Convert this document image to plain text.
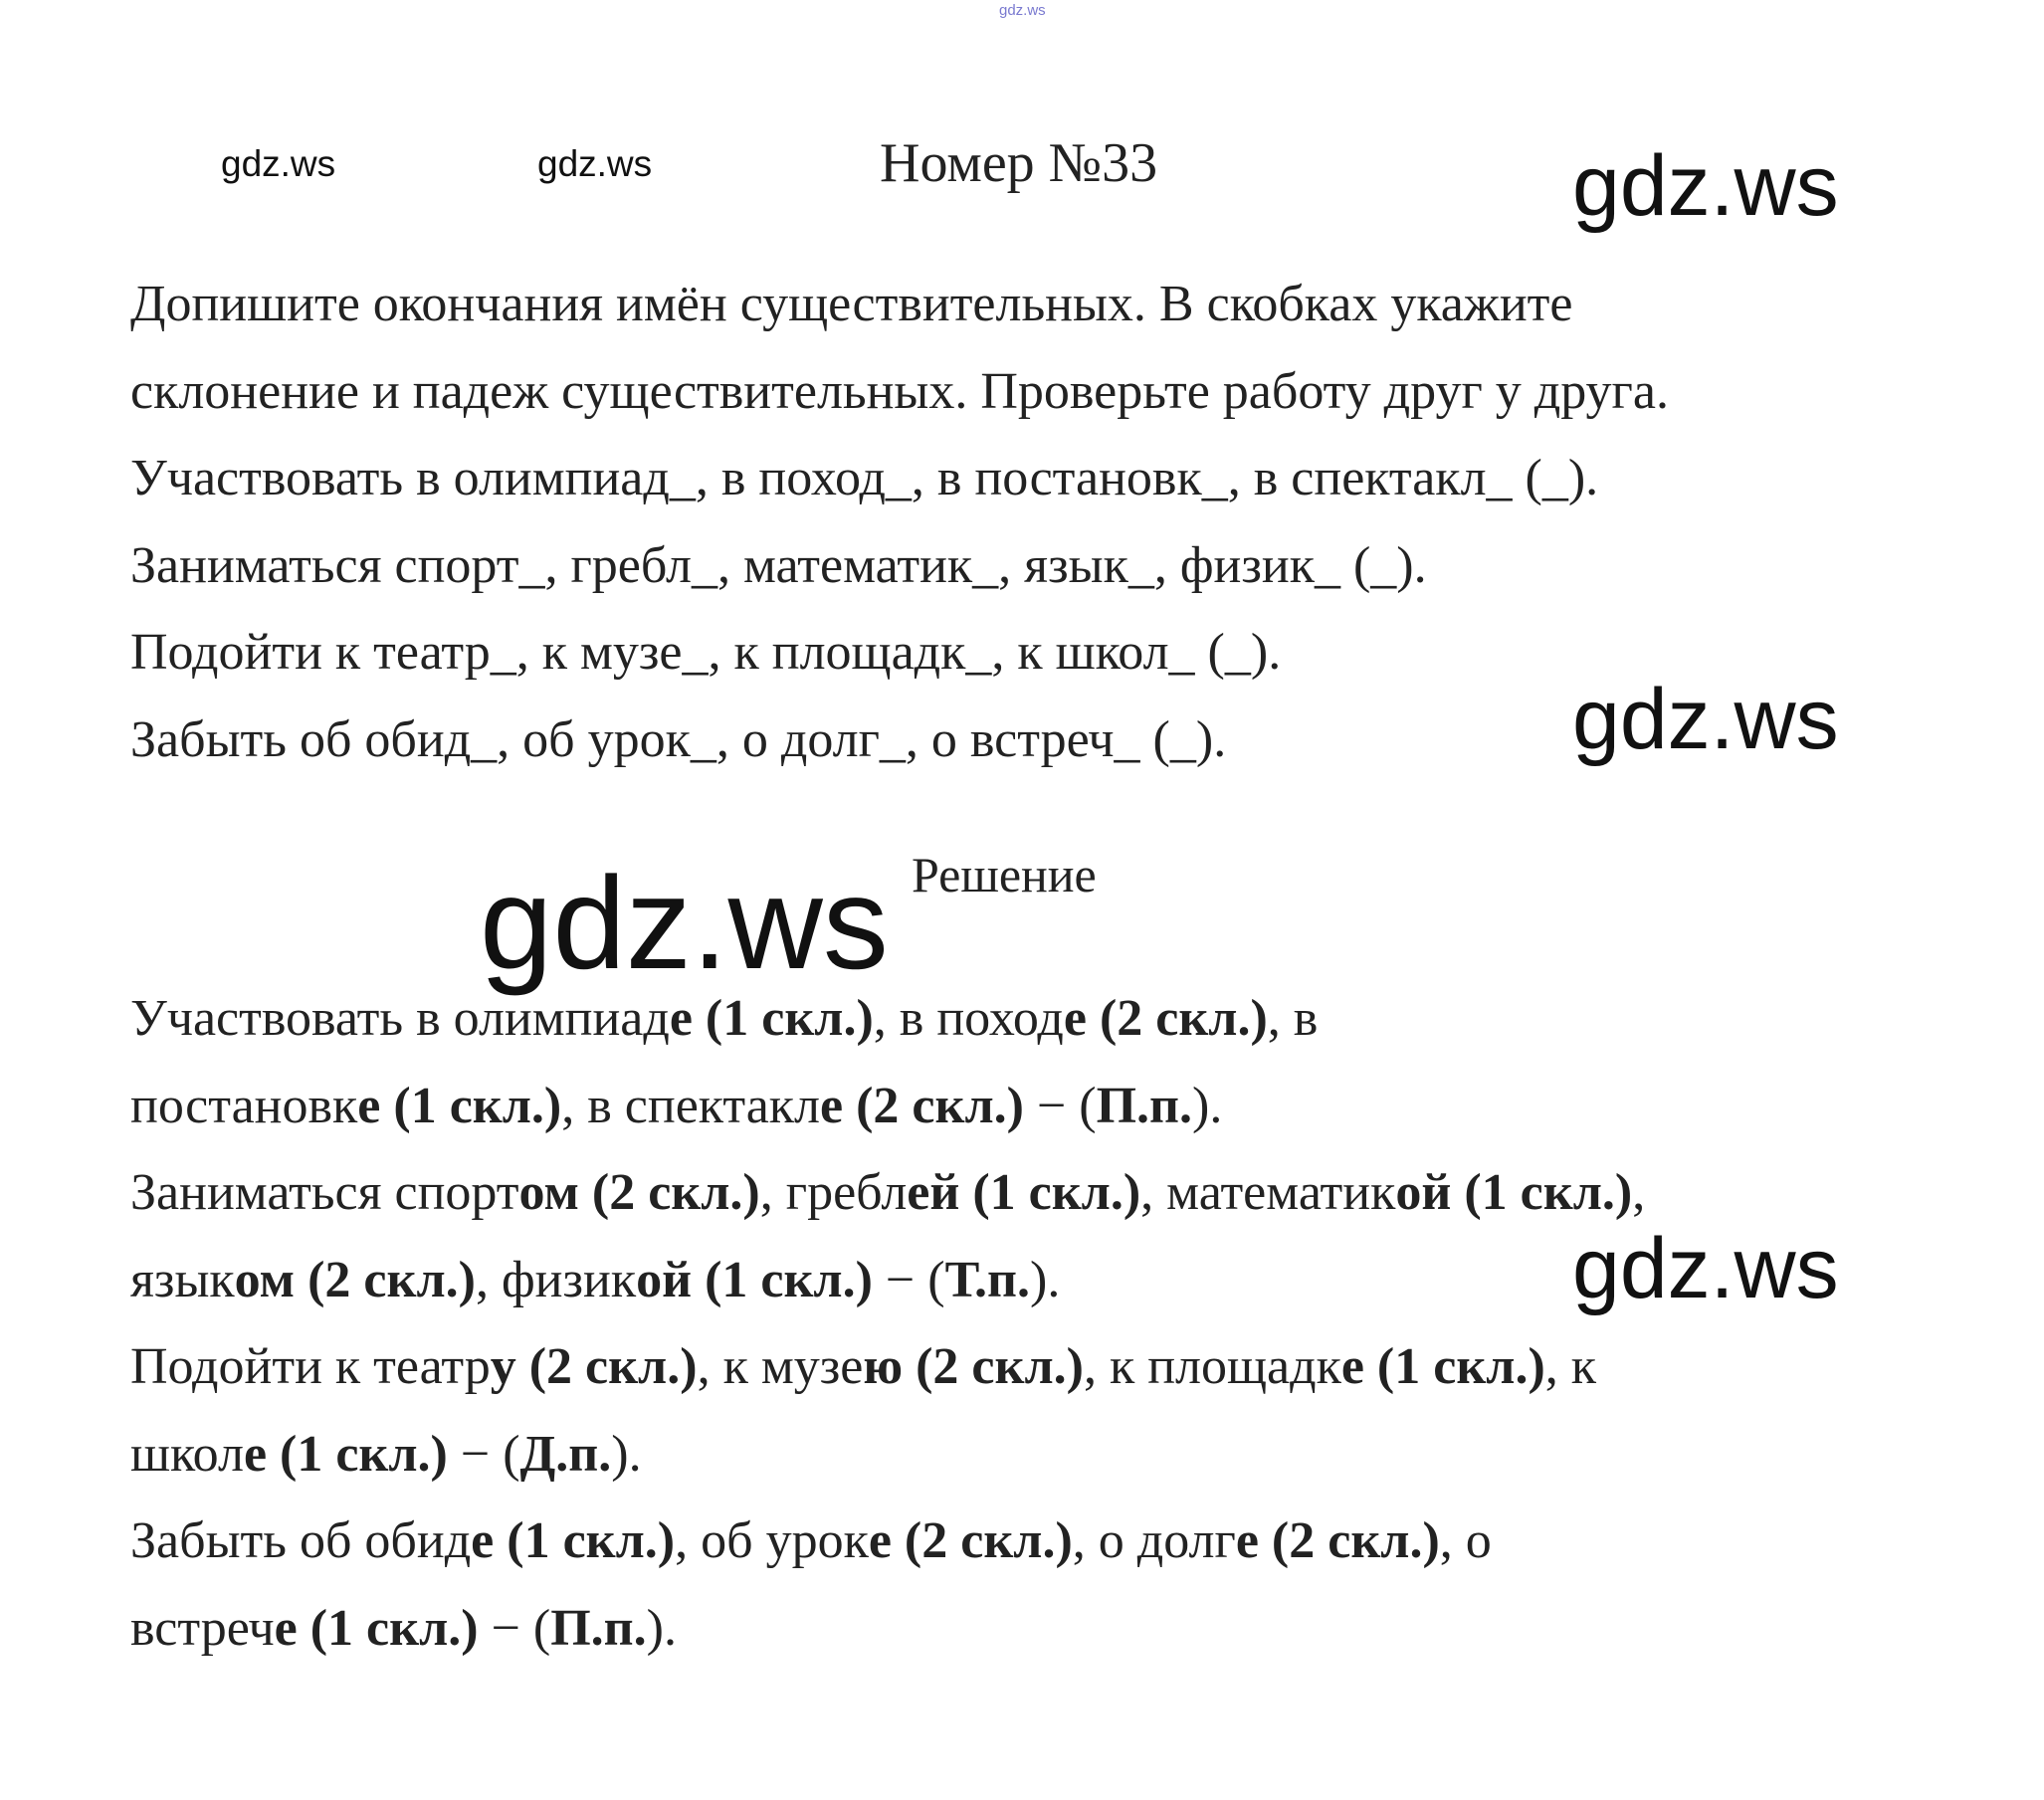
gdz.ws
gdz.ws	gdz.ws	Номер №33	gdz.ws
Допишите окончания имён существительных. В скобках укажите
склонение и падеж существительных. Проверьте работу друг у друга.
Участвовать в олимпиад_, в поход_, в постановк_, в спектакл_ (_).
Заниматься спорт_, гребл_, математик_, язык_, физик_ (_).
Подойти к театр_, к музе_, к площадк_, к школ_ (_).
Забыть об обид_, об урок_, о долг_, о встреч_ (_).	gdz.ws
gdz.ws Решение
Участвовать в олимпиаде (1 скл.), в походе (2 скл.), в
постановке (1 скл.), в спектакле (2 скл.) − (П.п.).
Заниматься спортом (2 скл.), греблей (1 скл.), математикой (1 скл.),
языком (2 скл.), физикой (1 скл.) − (Т.п.).
Подойти к театру (2 скл.), к музею (2 скл.), к площадке (1 скл.), к
школе (1 скл.) − (Д.п.).
Забыть об обиде (1 скл.), об уроке (2 скл.), о долге (2 скл.), о
встрече (1 скл.) − (П.п.).
gdz.ws
